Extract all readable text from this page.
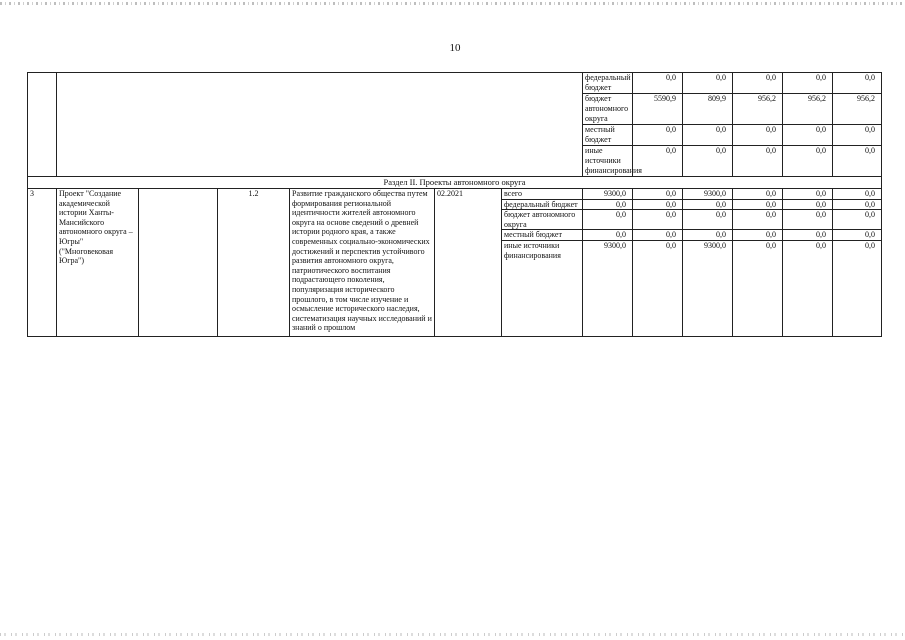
10
							федеральный бюджет	0,0	0,0	0,0	0,0	0,0	
							бюджет автономного округа	5590,9	809,9	956,2	956,2	956,2	
							местный бюджет	0,0	0,0	0,0	0,0	0,0	
							иные источники финансирования	0,0	0,0	0,0	0,0	0,0	
Раздел II. Проекты автономного округа													
3	Проект "Создание академической истории Ханты-Мансийского автономного округа – Югры" ("Многовековая Югра")		1.2	Развитие гражданского общества путем формирования региональной идентичности жителей автономного округа на основе сведений о древней истории родного края, а также современных социально-экономических достижений и перспектив устойчивого развития автономного округа, патриотического воспитания подрастающего поколения, популяризация исторического прошлого, в том числе изучение и осмысление исторического наследия, систематизация научных исследований и знаний о прошлом	02.2021	всего	9300,0	0,0	9300,0	0,0	0,0	0,0	
						федеральный бюджет	0,0	0,0	0,0	0,0	0,0	0,0	
						бюджет автономного округа	0,0	0,0	0,0	0,0	0,0	0,0	
						местный бюджет	0,0	0,0	0,0	0,0	0,0	0,0	
						иные источники финансирования	9300,0	0,0	9300,0	0,0	0,0	0,0	
